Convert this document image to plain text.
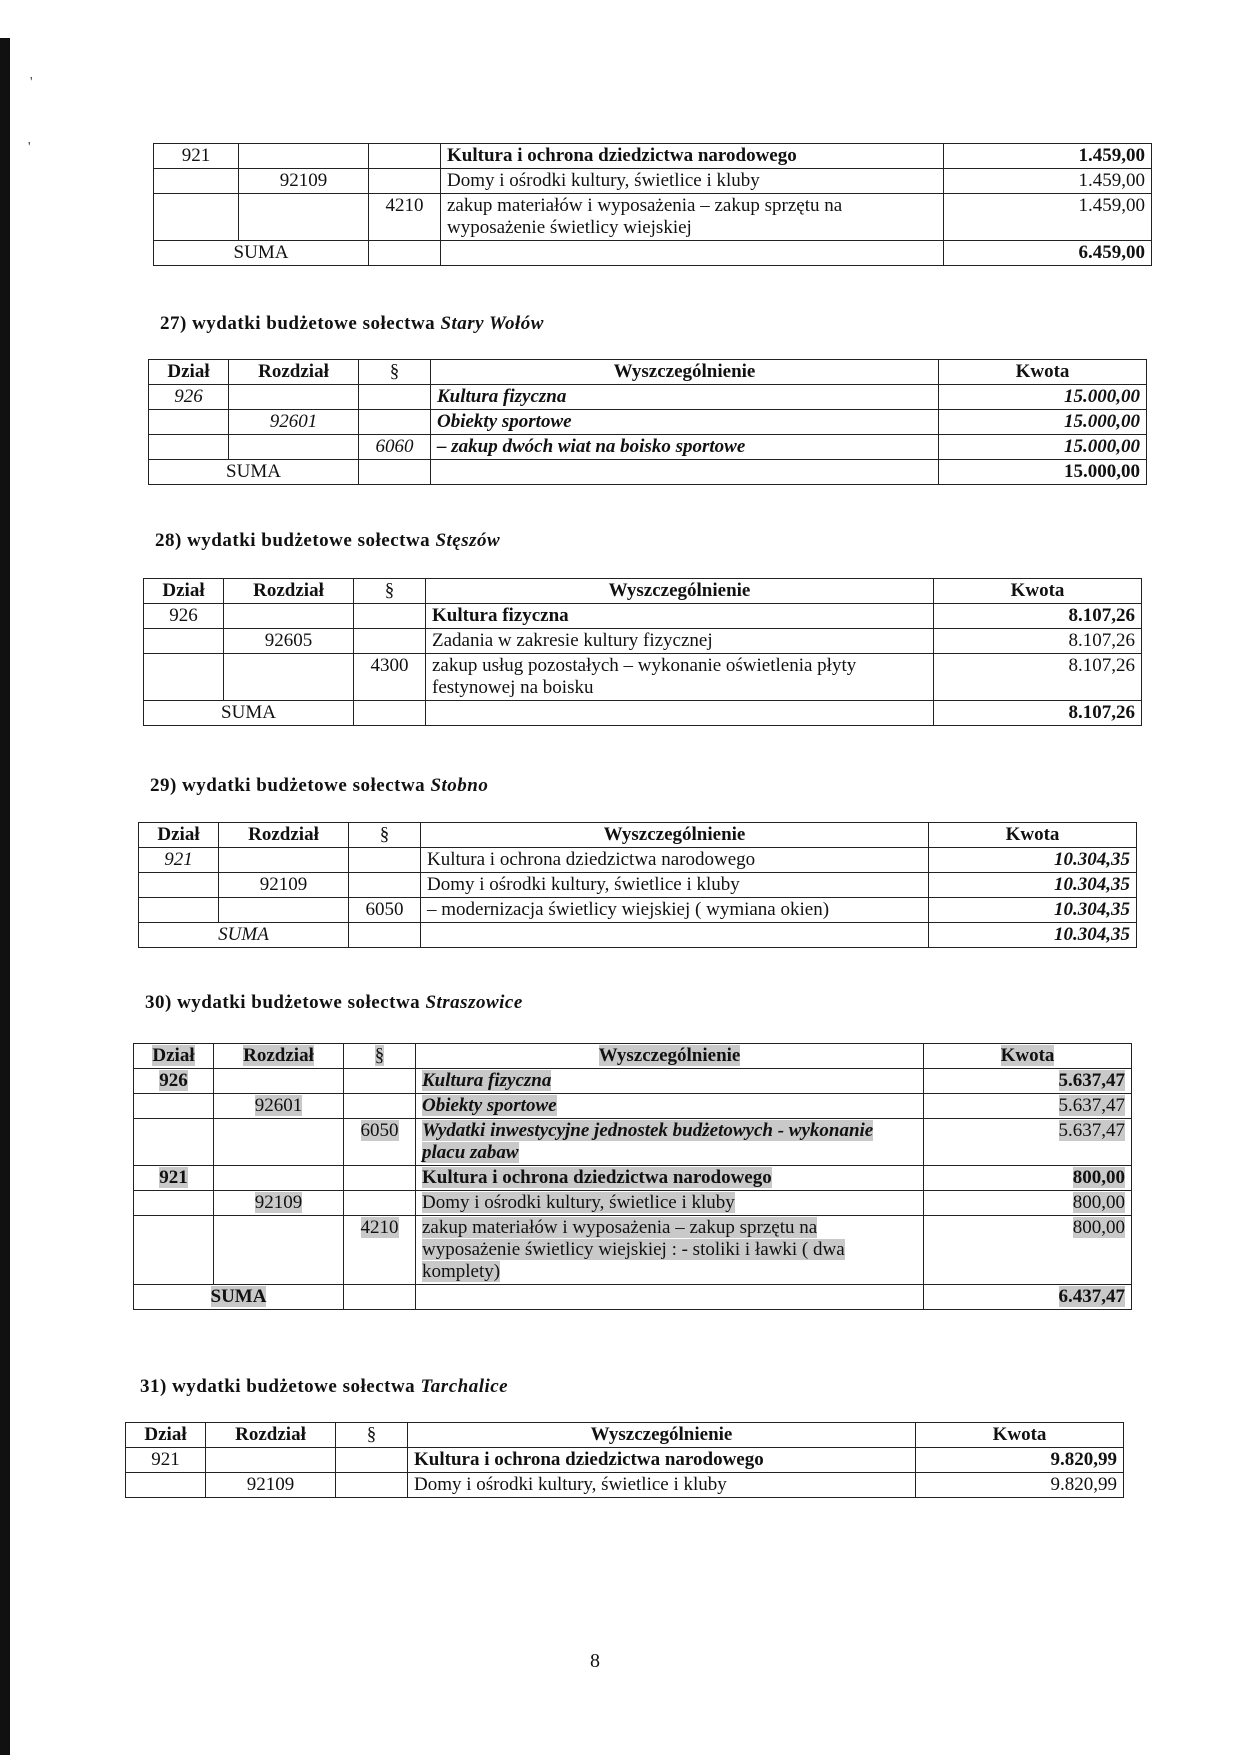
'
'	921			Kultura i ochrona dziedzictwa narodowego	1.459,00
	92109		Domy i ośrodki kultury, świetlice i kluby	1.459,00
		4210	zakup materiałów i wyposażenia – zakup sprzętu na wyposażenie świetlicy wiejskiej	1.459,00
SUMA				6.459,00
27) wydatki budżetowe sołectwa Stary Wołów
Dział	Rozdział	§	Wyszczególnienie	Kwota
926			Kultura fizyczna	15.000,00
	92601		Obiekty sportowe	15.000,00
		6060	– zakup dwóch wiat na boisko sportowe	15.000,00
SUMA				15.000,00
28) wydatki budżetowe sołectwa Stęszów
Dział	Rozdział	§	Wyszczególnienie	Kwota
926			Kultura fizyczna	8.107,26
	92605		Zadania w zakresie kultury fizycznej	8.107,26
		4300	zakup usług pozostałych – wykonanie oświetlenia płyty festynowej na boisku	8.107,26
SUMA				8.107,26
29) wydatki budżetowe sołectwa Stobno
Dział	Rozdział	§	Wyszczególnienie	Kwota
921			Kultura i ochrona dziedzictwa narodowego	10.304,35
	92109		Domy i ośrodki kultury, świetlice i kluby	10.304,35
		6050	– modernizacja świetlicy wiejskiej ( wymiana okien)	10.304,35
SUMA				10.304,35
30) wydatki budżetowe sołectwa Straszowice
Dział	Rozdział	§	Wyszczególnienie	Kwota
926			Kultura fizyczna	5.637,47
	92601		Obiekty sportowe	5.637,47
		6050	Wydatki inwestycyjne jednostek budżetowych - wykonanie placu zabaw	5.637,47
921			Kultura i ochrona dziedzictwa narodowego	800,00
	92109		Domy i ośrodki kultury, świetlice i kluby	800,00
		4210	zakup materiałów i wyposażenia – zakup sprzętu na wyposażenie świetlicy wiejskiej : - stoliki i ławki ( dwa komplety)	800,00
SUMA				6.437,47
31) wydatki budżetowe sołectwa Tarchalice
Dział	Rozdział	§	Wyszczególnienie	Kwota
921			Kultura i ochrona dziedzictwa narodowego	9.820,99
	92109		Domy i ośrodki kultury, świetlice i kluby	9.820,99
8
